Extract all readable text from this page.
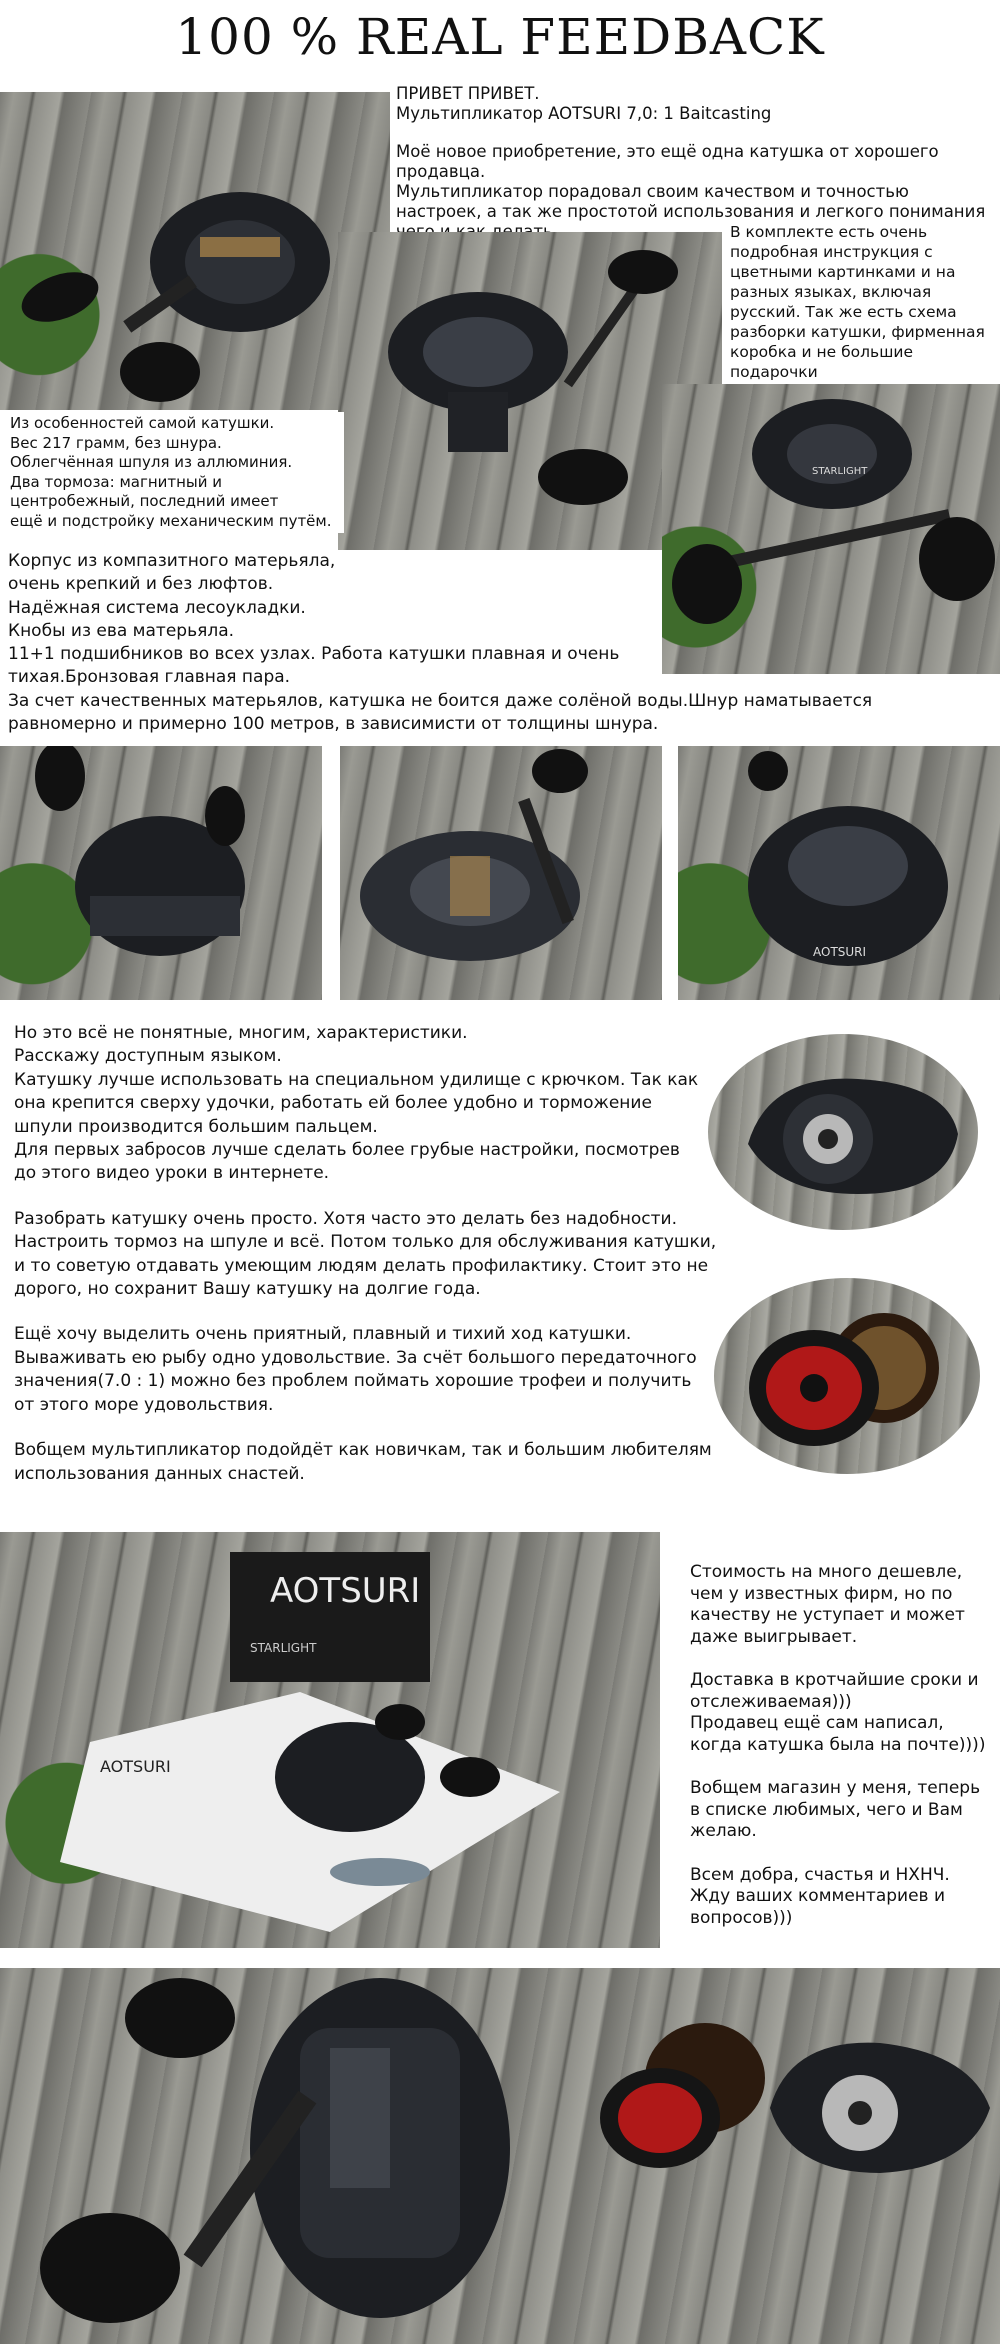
100 % REAL FEEDBACK
ПРИВЕТ ПРИВЕТ.
Мультипликатор AOTSURI 7,0: 1 Baitcasting
Моё новое приобретение, это ещё одна катушка от хорошего продавца.
Мультипликатор порадовал своим качеством и точностью настроек, а так же простотой использования и легкого понимания
В комплекте есть очень подробная инструкция с цветными картинками и на разных языках, включая русский. Так же есть схема разборки катушки, фирменная коробка и не большие подарочки
STARLIGHT
Из особенностей самой катушки.
Вес 217 грамм, без шнура.
Облегчённая шпуля из аллюминия.
Два тормоза: магнитный и
центробежный, последний имеет
ещё и подстройку механическим путём.
Корпус из компазитного матерьяла,
очень крепкий и без люфтов.
Надёжная система лесоукладки.
Кнобы из ева матерьяла.
11+1 подшибников во всех узлах. Работа катушки плавная и очень
тихая.Бронзовая главная пара.
За счет качественных матерьялов, катушка не боится даже солёной воды.Шнур наматывается
равномерно и примерно 100 метров, в зависимисти от толщины шнура.
AOTSURI
Но это всё не понятные, многим, характеристики.
Расскажу доступным языком.
Катушку лучше использовать на специальном удилище с крючком. Так как
она крепится сверху удочки, работать ей более удобно и торможение
шпули производится большим пальцем.
Для первых забросов лучше сделать более грубые настройки, посмотрев
до этого видео уроки в интернете.
Разобрать катушку очень просто. Хотя часто это делать без надобности.
Настроить тормоз на шпуле и всё. Потом только для обслуживания катушки,
и то советую отдавать умеющим людям делать профилактику. Стоит это не
дорого, но сохранит Вашу катушку на долгие года.
Ещё хочу выделить очень приятный, плавный и тихий ход катушки.
Вываживать ею рыбу одно удовольствие. За счёт большого передаточного
значения(7.0 : 1) можно без проблем поймать хорошие трофеи и получить
от этого море удовольствия.
Вобщем мультипликатор подойдёт как новичкам, так и большим любителям
использования данных снастей.
AOTSURI
STARLIGHT
AOTSURI
Стоимость на много дешевле, чем у известных фирм, но по качеству не уступает и может даже выигрывает.
Доставка в кротчайшие сроки и отслеживаемая)))
Продавец ещё сам написал, когда катушка была на почте))))
Вобщем магазин у меня, теперь в списке любимых, чего и Вам желаю.
Всем добра, счастья и НХНЧ. Жду ваших комментариев и вопросов)))
